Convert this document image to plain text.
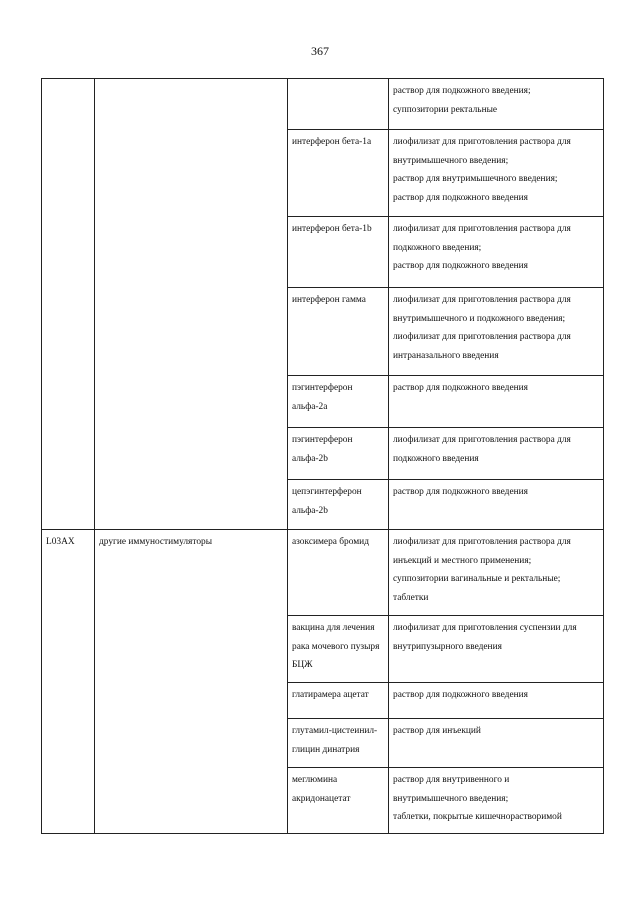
367

			раствор для подкожного введения;
суппозитории ректальные

		интерферон бета-1a	лиофилизат для приготовления раствора для
внутримышечного введения;
раствор для внутримышечного введения;
раствор для подкожного введения

		интерферон бета-1b	лиофилизат для приготовления раствора для
подкожного введения;
раствор для подкожного введения

		интерферон гамма	лиофилизат для приготовления раствора для
внутримышечного и подкожного введения;
лиофилизат для приготовления раствора для
интраназального введения

		пэгинтерферон
альфа-2a	раствор для подкожного введения

		пэгинтерферон
альфа-2b	лиофилизат для приготовления раствора для
подкожного введения

		цепэгинтерферон
альфа-2b	раствор для подкожного введения

L03AX	другие иммуностимуляторы	азоксимера бромид	лиофилизат для приготовления раствора для
инъекций и местного применения;
суппозитории вагинальные и ректальные;
таблетки

		вакцина для лечения
рака мочевого пузыря
БЦЖ	лиофилизат для приготовления суспензии для
внутрипузырного введения

		глатирамера ацетат	раствор для подкожного введения

		глутамил-цистеинил-
глицин динатрия	раствор для инъекций

		меглюмина
акридонацетат	раствор для внутривенного и
внутримышечного введения;
таблетки, покрытые кишечнорастворимой
